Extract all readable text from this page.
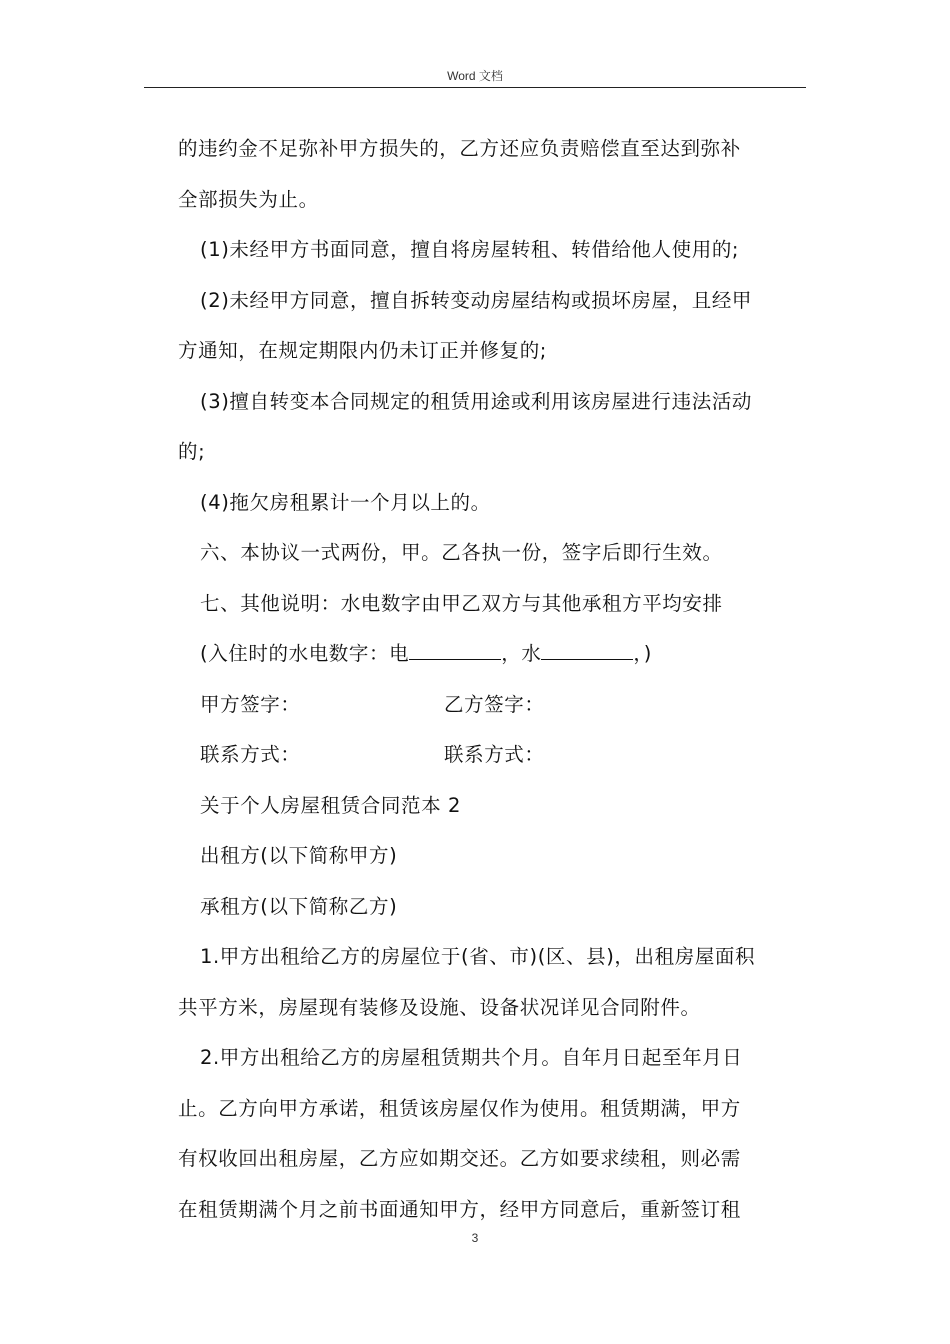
Word 文档
的违约金不足弥补甲方损失的，乙方还应负责赔偿直至达到弥补
全部损失为止。
(1)未经甲方书面同意，擅自将房屋转租、转借给他人使用的;
(2)未经甲方同意，擅自拆转变动房屋结构或损坏房屋，且经甲
方通知，在规定期限内仍未订正并修复的;
(3)擅自转变本合同规定的租赁用途或利用该房屋进行违法活动
的;
(4)拖欠房租累计一个月以上的。
六、本协议一式两份，甲。乙各执一份，签字后即行生效。
七、其他说明：水电数字由甲乙双方与其他承租方平均安排
(入住时的水电数字：电	，水	，)
甲方签字：	乙方签字：
联系方式：	联系方式：
关于个人房屋租赁合同范本 2
出租方(以下简称甲方)
承租方(以下简称乙方)
1.甲方出租给乙方的房屋位于(省、市)(区、县)，出租房屋面积
共平方米，房屋现有装修及设施、设备状况详见合同附件。
2.甲方出租给乙方的房屋租赁期共个月。自年月日起至年月日
止。乙方向甲方承诺，租赁该房屋仅作为使用。租赁期满，甲方
有权收回出租房屋，乙方应如期交还。乙方如要求续租，则必需
在租赁期满个月之前书面通知甲方，经甲方同意后，重新签订租
3
